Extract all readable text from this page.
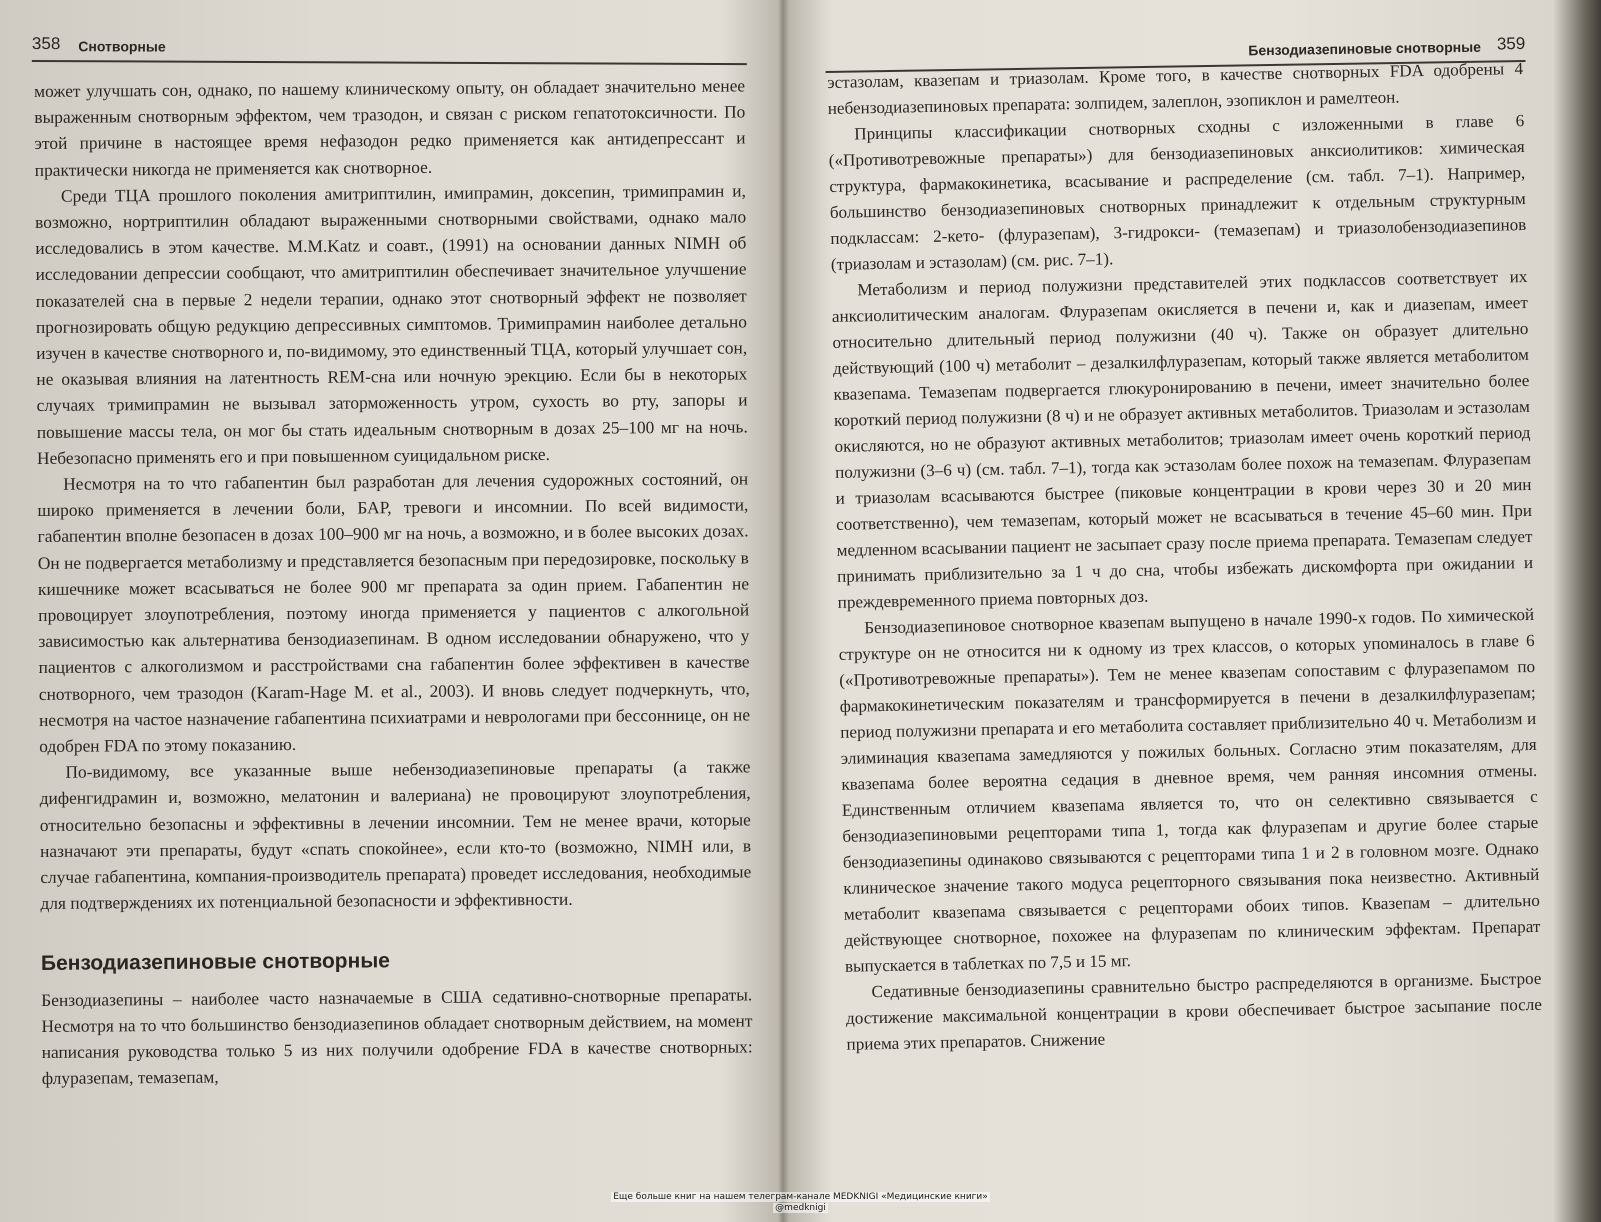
358 Снотворные

может улучшать сон, однако, по нашему клиническому опыту, он обладает значительно менее выраженным снотворным эффектом, чем тразодон, и связан с риском гепатотоксичности. По этой причине в настоящее время нефазодон редко применяется как антидепрессант и практически никогда не применяется как снотворное.

Среди ТЦА прошлого поколения амитриптилин, имипрамин, доксепин, тримипрамин и, возможно, нортриптилин обладают выраженными снотворными свойствами, однако мало исследовались в этом качестве. M.M.Katz и соавт., (1991) на основании данных NIMH об исследовании депрессии сообщают, что амитриптилин обеспечивает значительное улучшение показателей сна в первые 2 недели терапии, однако этот снотворный эффект не позволяет прогнозировать общую редукцию депрессивных симптомов. Тримипрамин наиболее детально изучен в качестве снотворного и, по-видимому, это единственный ТЦА, который улучшает сон, не оказывая влияния на латентность REM-сна или ночную эрекцию. Если бы в некоторых случаях тримипрамин не вызывал заторможенность утром, сухость во рту, запоры и повышение массы тела, он мог бы стать идеальным снотворным в дозах 25–100 мг на ночь. Небезопасно применять его и при повышенном суицидальном риске.

Несмотря на то что габапентин был разработан для лечения судорожных состояний, он широко применяется в лечении боли, БАР, тревоги и инсомнии. По всей видимости, габапентин вполне безопасен в дозах 100–900 мг на ночь, а возможно, и в более высоких дозах. Он не подвергается метаболизму и представляется безопасным при передозировке, поскольку в кишечнике может всасываться не более 900 мг препарата за один прием. Габапентин не провоцирует злоупотребления, поэтому иногда применяется у пациентов с алкогольной зависимостью как альтернатива бензодиазепинам. В одном исследовании обнаружено, что у пациентов с алкоголизмом и расстройствами сна габапентин более эффективен в качестве снотворного, чем тразодон (Karam-Hage M. et al., 2003). И вновь следует подчеркнуть, что, несмотря на частое назначение габапентина психиатрами и неврологами при бессоннице, он не одобрен FDA по этому показанию.

По-видимому, все указанные выше небензодиазепиновые препараты (а также дифенгидрамин и, возможно, мелатонин и валериана) не провоцируют злоупотребления, относительно безопасны и эффективны в лечении инсомнии. Тем не менее врачи, которые назначают эти препараты, будут «спать спокойнее», если кто-то (возможно, NIMH или, в случае габапентина, компания-производитель препарата) проведет исследования, необходимые для подтверждениях их потенциальной безопасности и эффективности.

Бензодиазепиновые снотворные

Бензодиазепины – наиболее часто назначаемые в США седативно-снотворные препараты. Несмотря на то что большинство бензодиазепинов обладает снотворным действием, на момент написания руководства только 5 из них получили одобрение FDA в качестве снотворных: флуразепам, темазепам,

Бензодиазепиновые снотворные 359

эстазолам, квазепам и триазолам. Кроме того, в качестве снотворных FDA одобрены 4 небензодиазепиновых препарата: золпидем, залеплон, эзопиклон и рамелтеон.

Принципы классификации снотворных сходны с изложенными в главе 6 («Противотревожные препараты») для бензодиазепиновых анксиолитиков: химическая структура, фармакокинетика, всасывание и распределение (см. табл. 7–1). Например, большинство бензодиазепиновых снотворных принадлежит к отдельным структурным подклассам: 2-кето- (флуразепам), 3-гидрокси- (темазепам) и триазолобензодиазепинов (триазолам и эстазолам) (см. рис. 7–1).

Метаболизм и период полужизни представителей этих подклассов соответствует их анксиолитическим аналогам. Флуразепам окисляется в печени и, как и диазепам, имеет относительно длительный период полужизни (40 ч). Также он образует длительно действующий (100 ч) метаболит – дезалкилфлуразепам, который также является метаболитом квазепама. Темазепам подвергается глюкуронированию в печени, имеет значительно более короткий период полужизни (8 ч) и не образует активных метаболитов. Триазолам и эстазолам окисляются, но не образуют активных метаболитов; триазолам имеет очень короткий период полужизни (3–6 ч) (см. табл. 7–1), тогда как эстазолам более похож на темазепам. Флуразепам и триазолам всасываются быстрее (пиковые концентрации в крови через 30 и 20 мин соответственно), чем темазепам, который может не всасываться в течение 45–60 мин. При медленном всасывании пациент не засыпает сразу после приема препарата. Темазепам следует принимать приблизительно за 1 ч до сна, чтобы избежать дискомфорта при ожидании и преждевременного приема повторных доз.

Бензодиазепиновое снотворное квазепам выпущено в начале 1990-х годов. По химической структуре он не относится ни к одному из трех классов, о которых упоминалось в главе 6 («Противотревожные препараты»). Тем не менее квазепам сопоставим с флуразепамом по фармакокинетическим показателям и трансформируется в печени в дезалкилфлуразепам; период полужизни препарата и его метаболита составляет приблизительно 40 ч. Метаболизм и элиминация квазепама замедляются у пожилых больных. Согласно этим показателям, для квазепама более вероятна седация в дневное время, чем ранняя инсомния отмены. Единственным отличием квазепама является то, что он селективно связывается с бензодиазепиновыми рецепторами типа 1, тогда как флуразепам и другие более старые бензодиазепины одинаково связываются с рецепторами типа 1 и 2 в головном мозге. Однако клиническое значение такого модуса рецепторного связывания пока неизвестно. Активный метаболит квазепама связывается с рецепторами обоих типов. Квазепам – длительно действующее снотворное, похожее на флуразепам по клиническим эффектам. Препарат выпускается в таблетках по 7,5 и 15 мг.

Седативные бензодиазепины сравнительно быстро распределяются в организме. Быстрое достижение максимальной концентрации в крови обеспечивает быстрое засыпание после приема этих препаратов. Снижение

Еще больше книг на нашем телеграм-канале MEDKNIGI «Медицинские книги»
@medknigi
